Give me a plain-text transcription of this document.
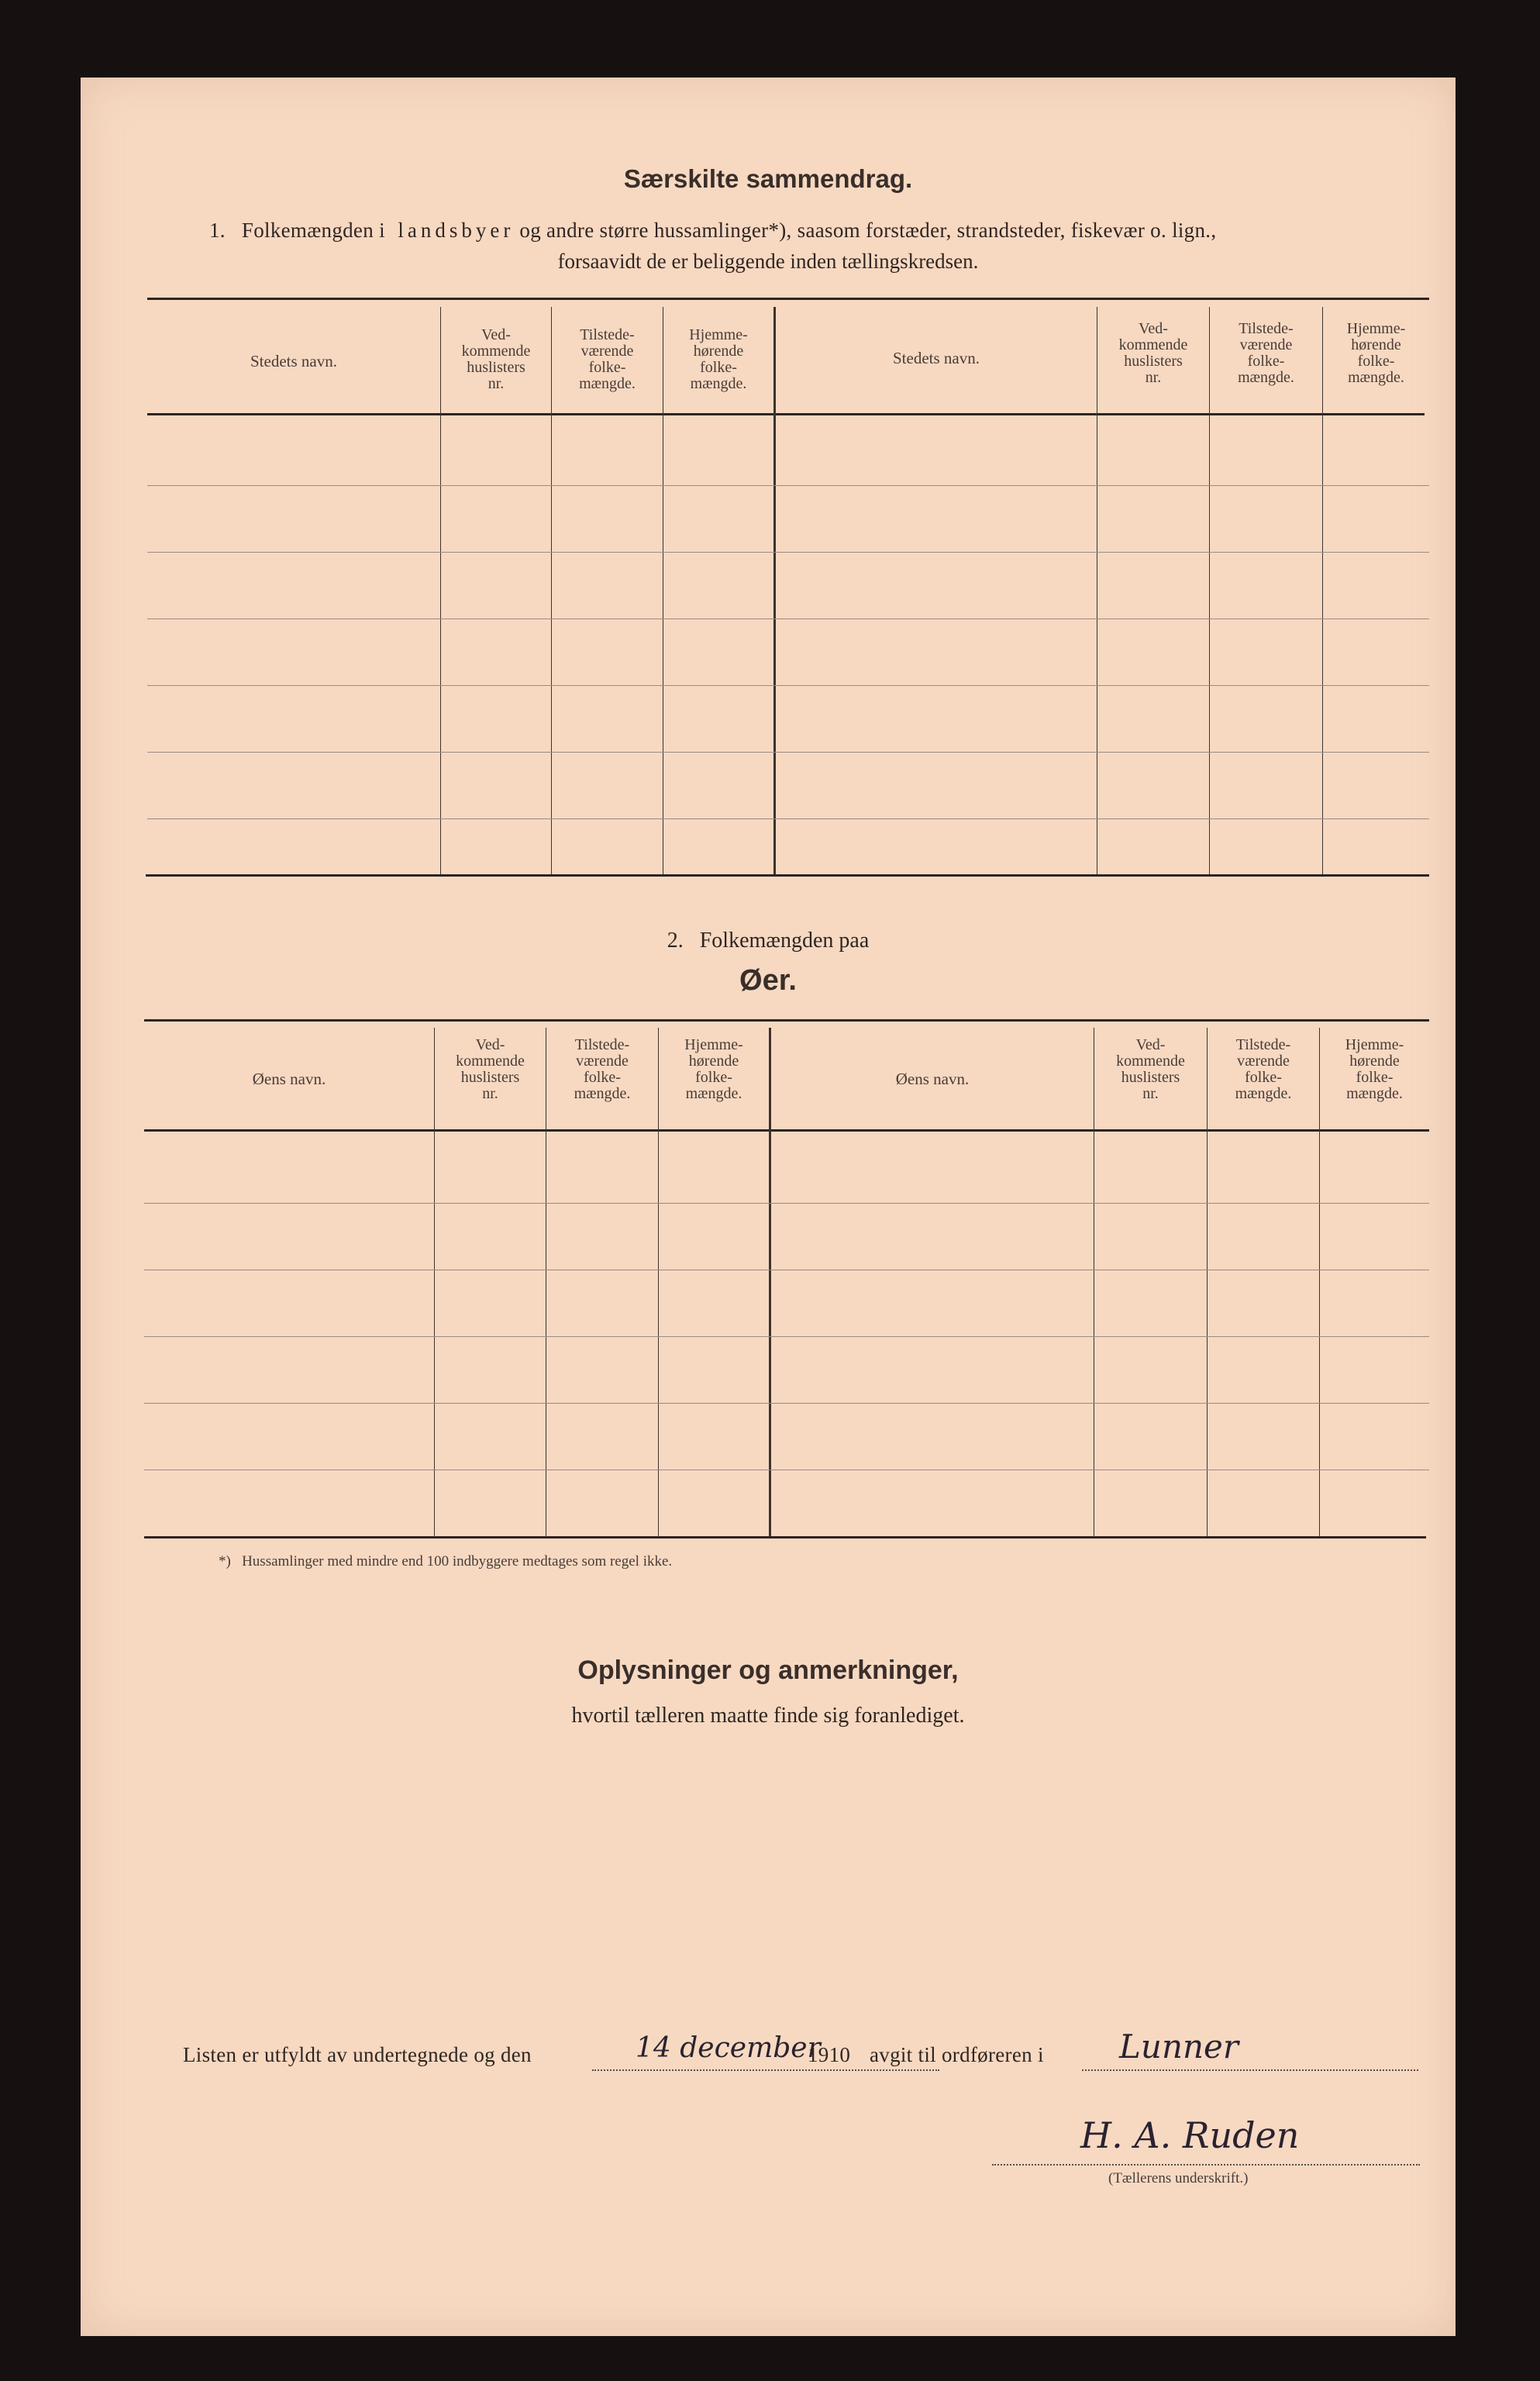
Særskilte sammendrag.
1. Folkemængden i landsbyer og andre større hussamlinger*), saasom forstæder, strandsteder, fiskevær o. lign.,
forsaavidt de er beliggende inden tællingskredsen.
Stedets navn.
Ved-
kommende
huslisters
nr.
Tilstede-
værende
folke-
mængde.
Hjemme-
hørende
folke-
mængde.
Stedets navn.
Ved-
kommende
huslisters
nr.
Tilstede-
værende
folke-
mængde.
Hjemme-
hørende
folke-
mængde.
2.   Folkemængden paa
Øer.
Øens navn.
Ved-
kommende
huslisters
nr.
Tilstede-
værende
folke-
mængde.
Hjemme-
hørende
folke-
mængde.
Øens navn.
Ved-
kommende
huslisters
nr.
Tilstede-
værende
folke-
mængde.
Hjemme-
hørende
folke-
mængde.
*)   Hussamlinger med mindre end 100 indbyggere medtages som regel ikke.
Oplysninger og anmerkninger,
hvortil tælleren maatte finde sig foranlediget.
Listen er utfyldt av undertegnede og den	14 december
1910 avgit til ordføreren i Lunner
H. A. Ruden
(Tællerens underskrift.)
